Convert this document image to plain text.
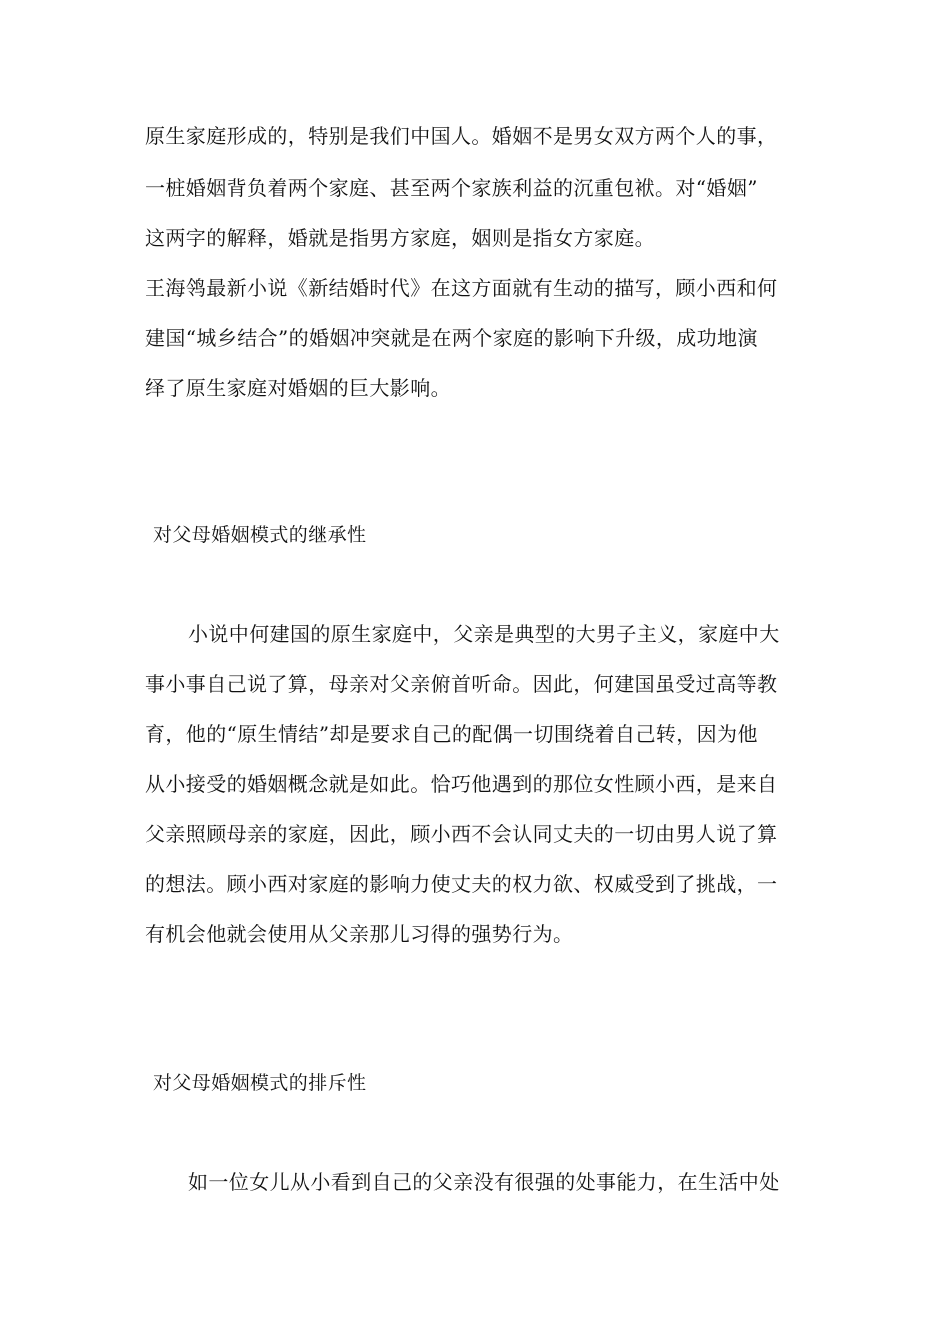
原生家庭形成的，特别是我们中国人。婚姻不是男女双方两个人的事，
一桩婚姻背负着两个家庭、甚至两个家族利益的沉重包袱。对“婚姻”
这两字的解释，婚就是指男方家庭，姻则是指女方家庭。
王海鸰最新小说《新结婚时代》在这方面就有生动的描写，顾小西和何
建国“城乡结合”的婚姻冲突就是在两个家庭的影响下升级，成功地演
绎了原生家庭对婚姻的巨大影响。
对父母婚姻模式的继承性
小说中何建国的原生家庭中，父亲是典型的大男子主义，家庭中大
事小事自己说了算，母亲对父亲俯首听命。因此，何建国虽受过高等教
育，他的“原生情结”却是要求自己的配偶一切围绕着自己转，因为他
从小接受的婚姻概念就是如此。恰巧他遇到的那位女性顾小西，是来自
父亲照顾母亲的家庭，因此，顾小西不会认同丈夫的一切由男人说了算
的想法。顾小西对家庭的影响力使丈夫的权力欲、权威受到了挑战，一
有机会他就会使用从父亲那儿习得的强势行为。
对父母婚姻模式的排斥性
如一位女儿从小看到自己的父亲没有很强的处事能力，在生活中处
